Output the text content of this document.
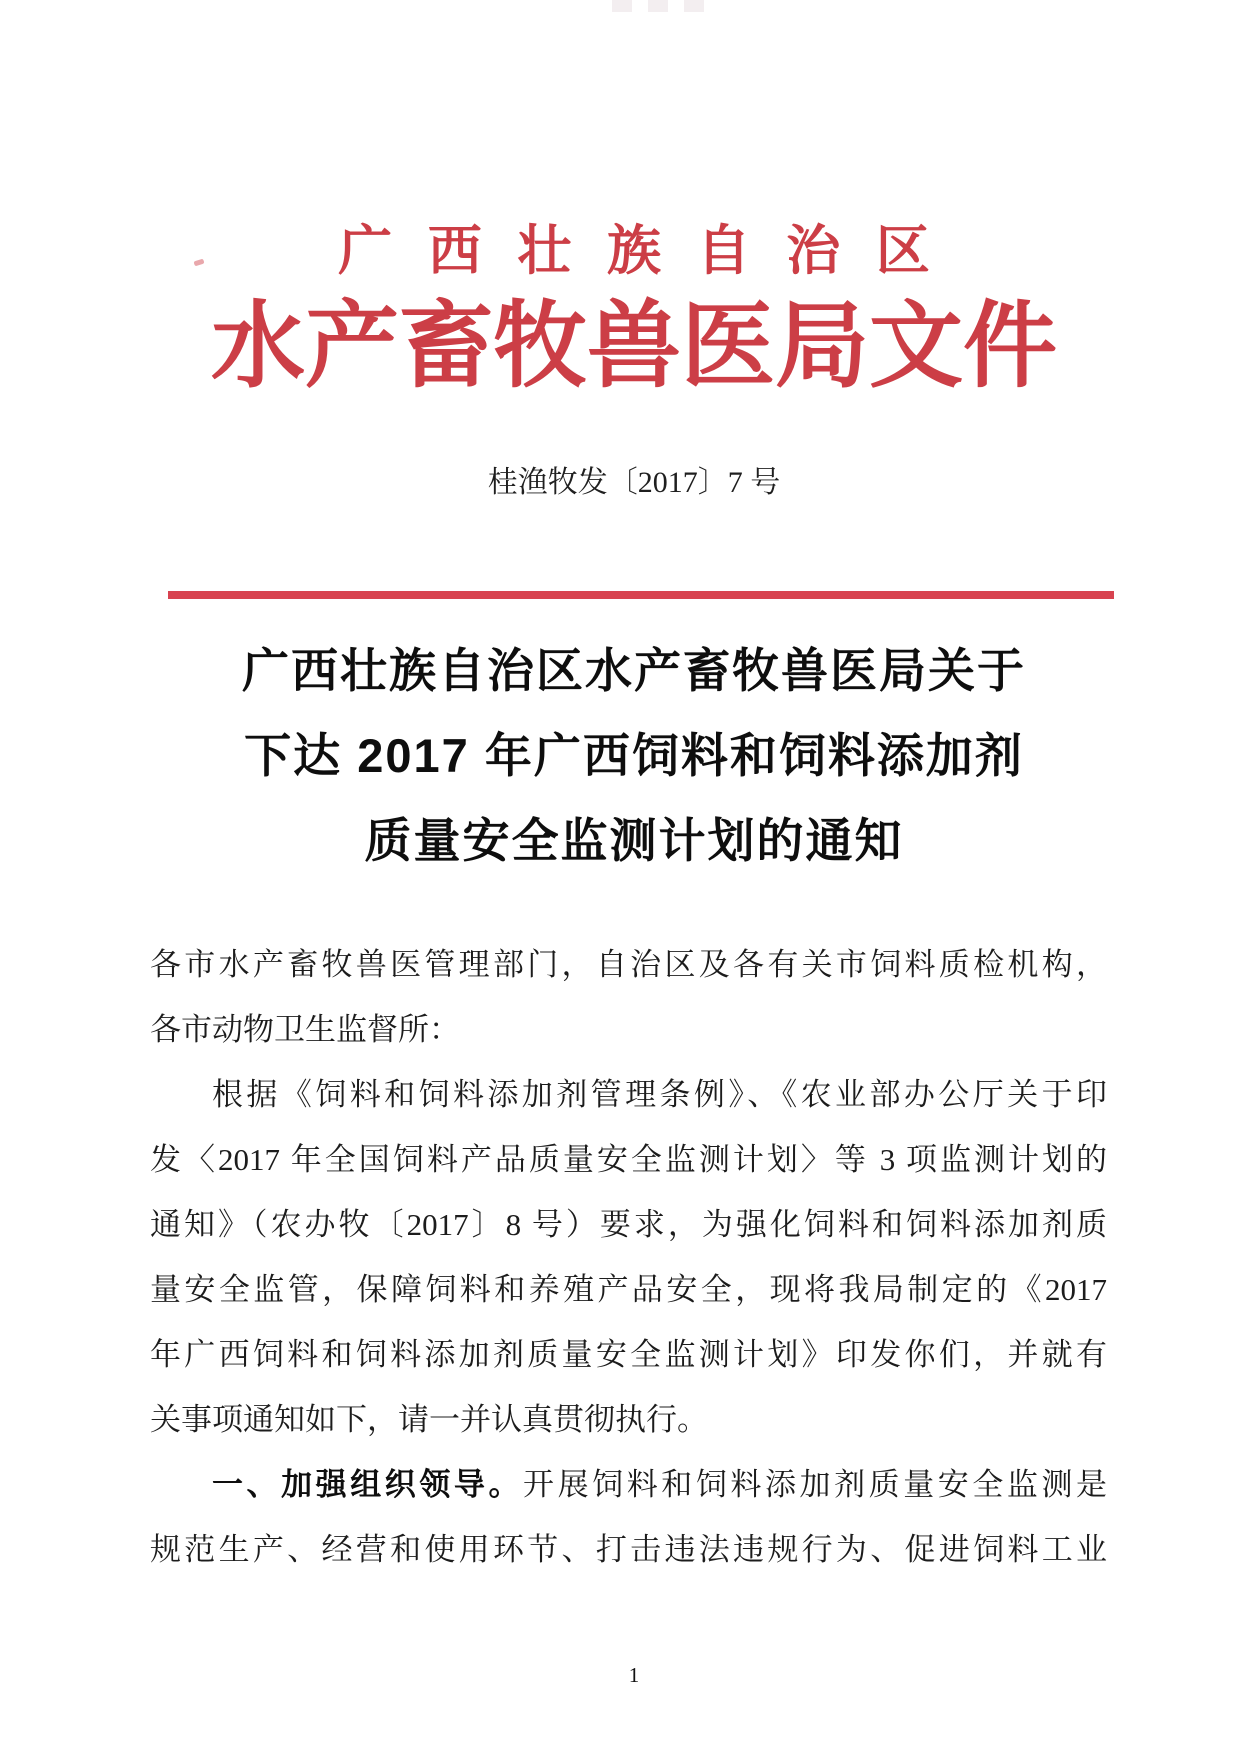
广西壮族自治区
水产畜牧兽医局文件
桂渔牧发〔2017〕7 号
广西壮族自治区水产畜牧兽医局关于
下达 2017 年广西饲料和饲料添加剂
质量安全监测计划的通知
各市水产畜牧兽医管理部门，自治区及各有关市饲料质检机构，
各市动物卫生监督所：
根据《饲料和饲料添加剂管理条例》、《农业部办公厅关于印
发〈2017 年全国饲料产品质量安全监测计划〉等 3 项监测计划的
通知》（农办牧〔2017〕8 号）要求，为强化饲料和饲料添加剂质
量安全监管，保障饲料和养殖产品安全，现将我局制定的《2017
年广西饲料和饲料添加剂质量安全监测计划》印发你们，并就有
关事项通知如下，请一并认真贯彻执行。
一、加强组织领导。开展饲料和饲料添加剂质量安全监测是
规范生产、经营和使用环节、打击违法违规行为、促进饲料工业
1
